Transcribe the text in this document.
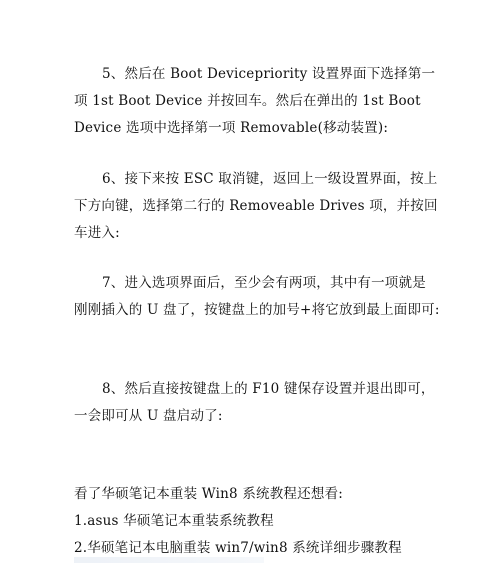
5、然后在 Boot Devicepriority 设置界面下选择第一
项 1st Boot Device 并按回车。然后在弹出的 1st Boot
Device 选项中选择第一项 Removable(移动装置):
6、接下来按 ESC 取消键，返回上一级设置界面，按上
下方向键，选择第二行的 Removeable Drives 项，并按回
车进入:
7、进入选项界面后，至少会有两项，其中有一项就是
刚刚插入的 U 盘了，按键盘上的加号+将它放到最上面即可:
8、然后直接按键盘上的 F10 键保存设置并退出即可，
一会即可从 U 盘启动了:
看了华硕笔记本重装 Win8 系统教程还想看:
1.asus 华硕笔记本重装系统教程
2.华硕笔记本电脑重装 win7/win8 系统详细步骤教程
